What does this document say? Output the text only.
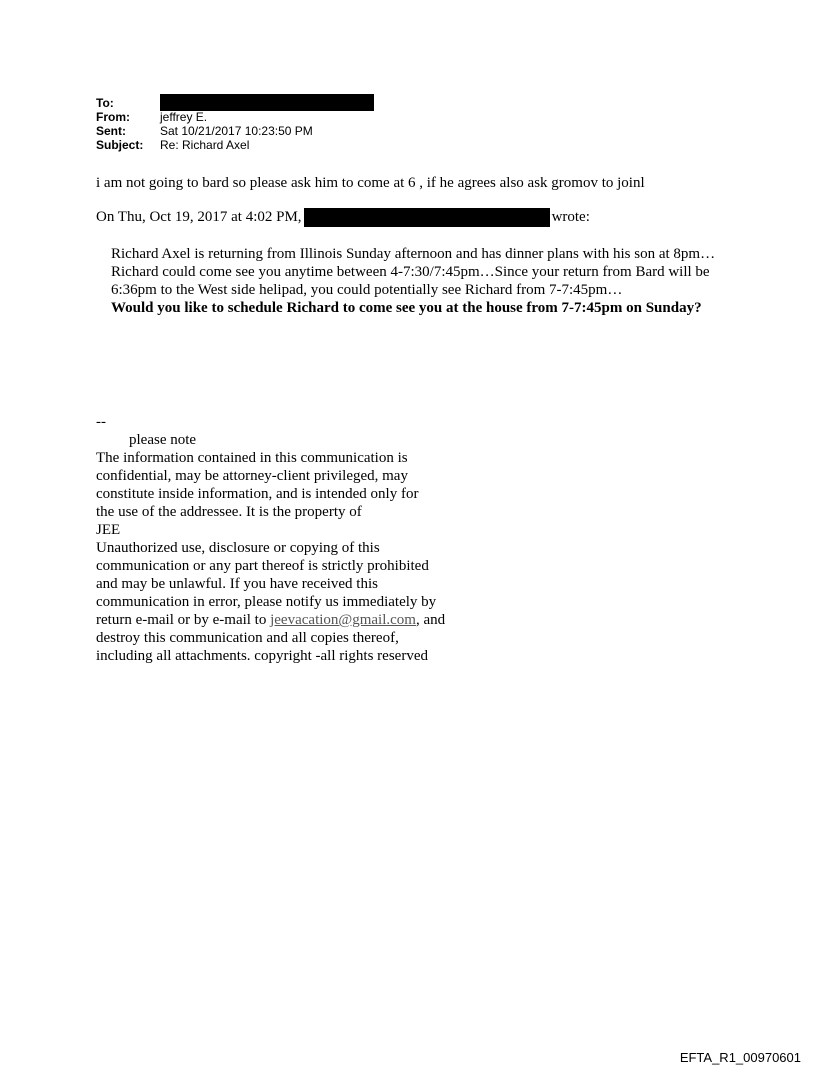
To:
From:	jeffrey E.
Sent:	Sat 10/21/2017 10:23:50 PM
Subject:	Re: Richard Axel
i am not going to bard so please ask him to come at 6 , if he agrees also ask gromov to joinl
On Thu, Oct 19, 2017 at 4:02 PM,	wrote:

Richard Axel is returning from Illinois Sunday afternoon and has dinner plans with his son at 8pm…Richard could come see you anytime between 4-7:30/7:45pm…Since your return from Bard will be 6:36pm to the West side helipad, you could potentially see Richard from 7-7:45pm…

Would you like to schedule Richard to come see you at the house from 7-7:45pm on Sunday?

--
please note
The information contained in this communication is
confidential, may be attorney-client privileged, may
constitute inside information, and is intended only for
the use of the addressee. It is the property of
JEE
Unauthorized use, disclosure or copying of this
communication or any part thereof is strictly prohibited
and may be unlawful. If you have received this
communication in error, please notify us immediately by
return e-mail or by e-mail to jeevacation@gmail.com, and
destroy this communication and all copies thereof,
including all attachments. copyright -all rights reserved
EFTA_R1_00970601
